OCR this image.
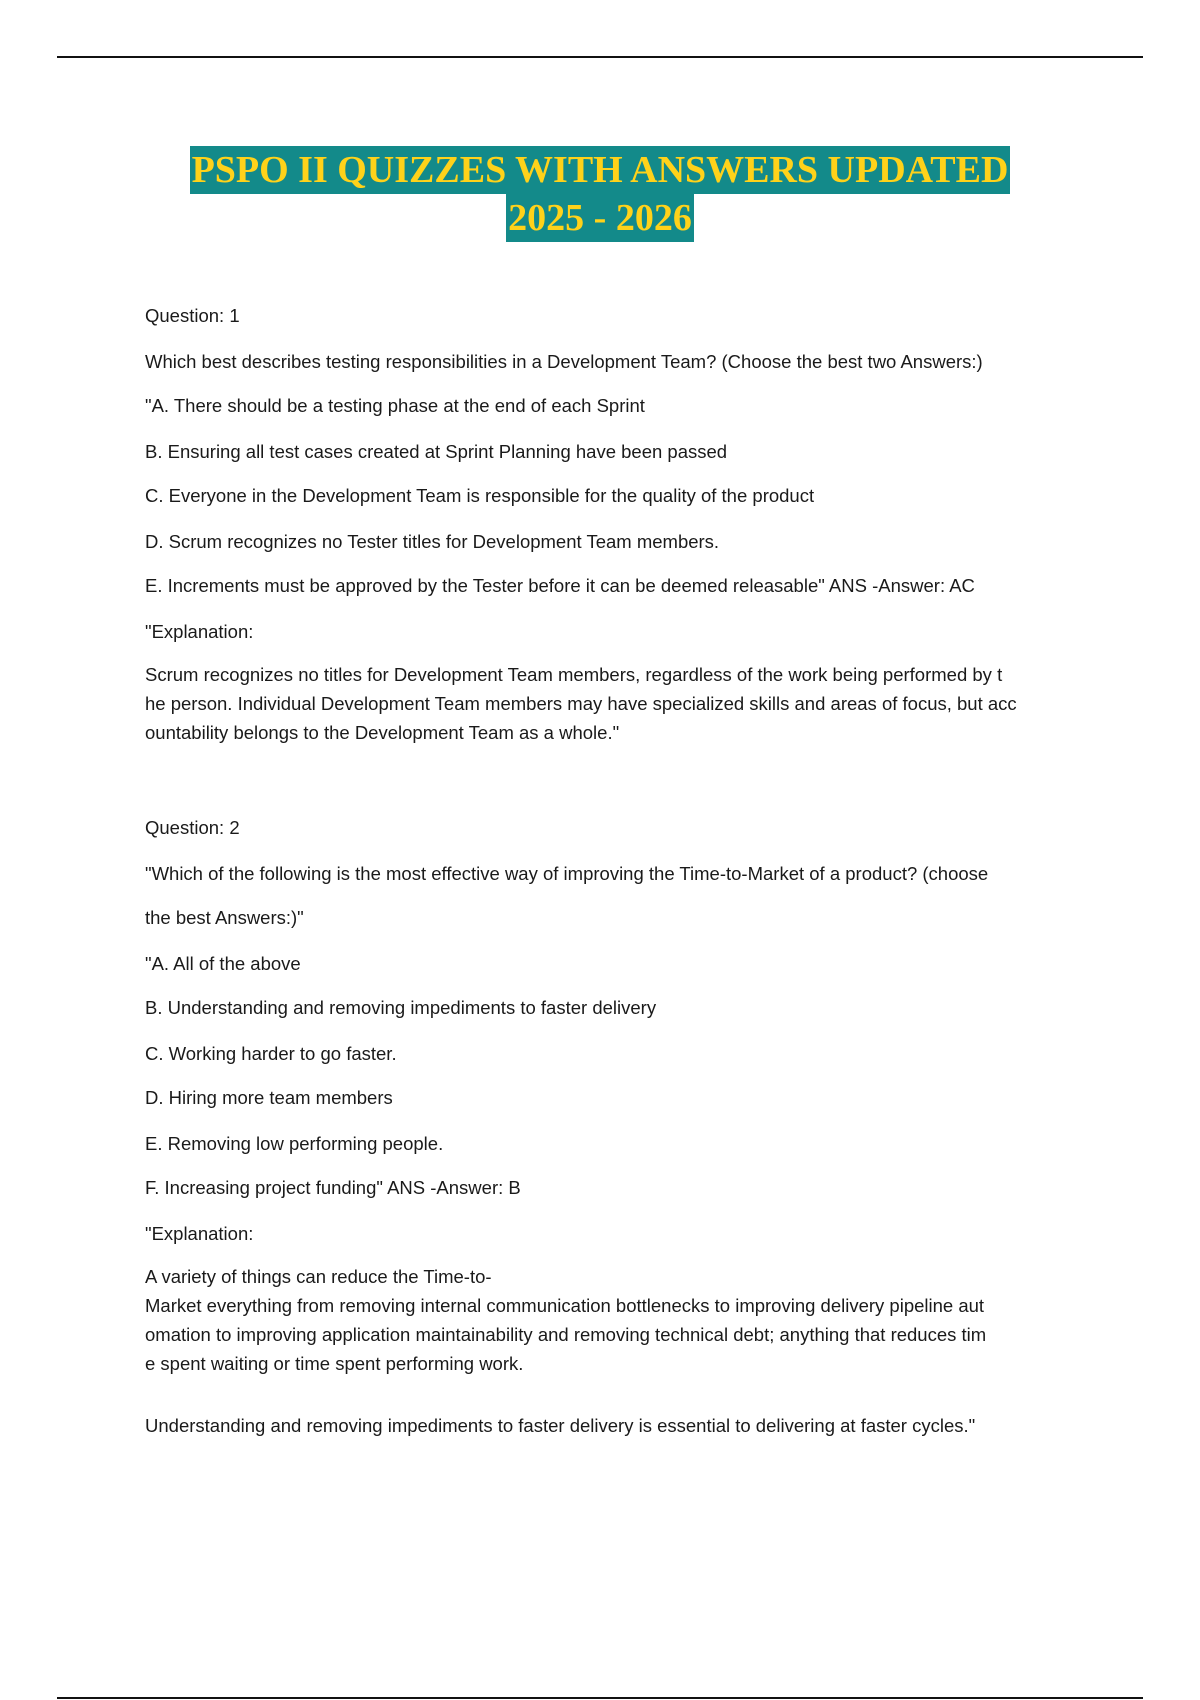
PSPO II QUIZZES WITH ANSWERS UPDATED
2025 - 2026

Question: 1

Which best describes testing responsibilities in a Development Team? (Choose the best two Answers:)

"A. There should be a testing phase at the end of each Sprint

B. Ensuring all test cases created at Sprint Planning have been passed

C. Everyone in the Development Team is responsible for the quality of the product

D. Scrum recognizes no Tester titles for Development Team members.

E. Increments must be approved by the Tester before it can be deemed releasable" ANS -Answer: AC

"Explanation:

Scrum recognizes no titles for Development Team members, regardless of the work being performed by t

he person. Individual Development Team members may have specialized skills and areas of focus, but acc

ountability belongs to the Development Team as a whole."

Question: 2

"Which of the following is the most effective way of improving the Time-to-Market of a product? (choose

the best Answers:)"

"A. All of the above

B. Understanding and removing impediments to faster delivery

C. Working harder to go faster.

D. Hiring more team members

E. Removing low performing people.

F. Increasing project funding" ANS -Answer: B

"Explanation:

A variety of things can reduce the Time-to-

Market everything from removing internal communication bottlenecks to improving delivery pipeline aut

omation to improving application maintainability and removing technical debt; anything that reduces tim

e spent waiting or time spent performing work.

Understanding and removing impediments to faster delivery is essential to delivering at faster cycles."
